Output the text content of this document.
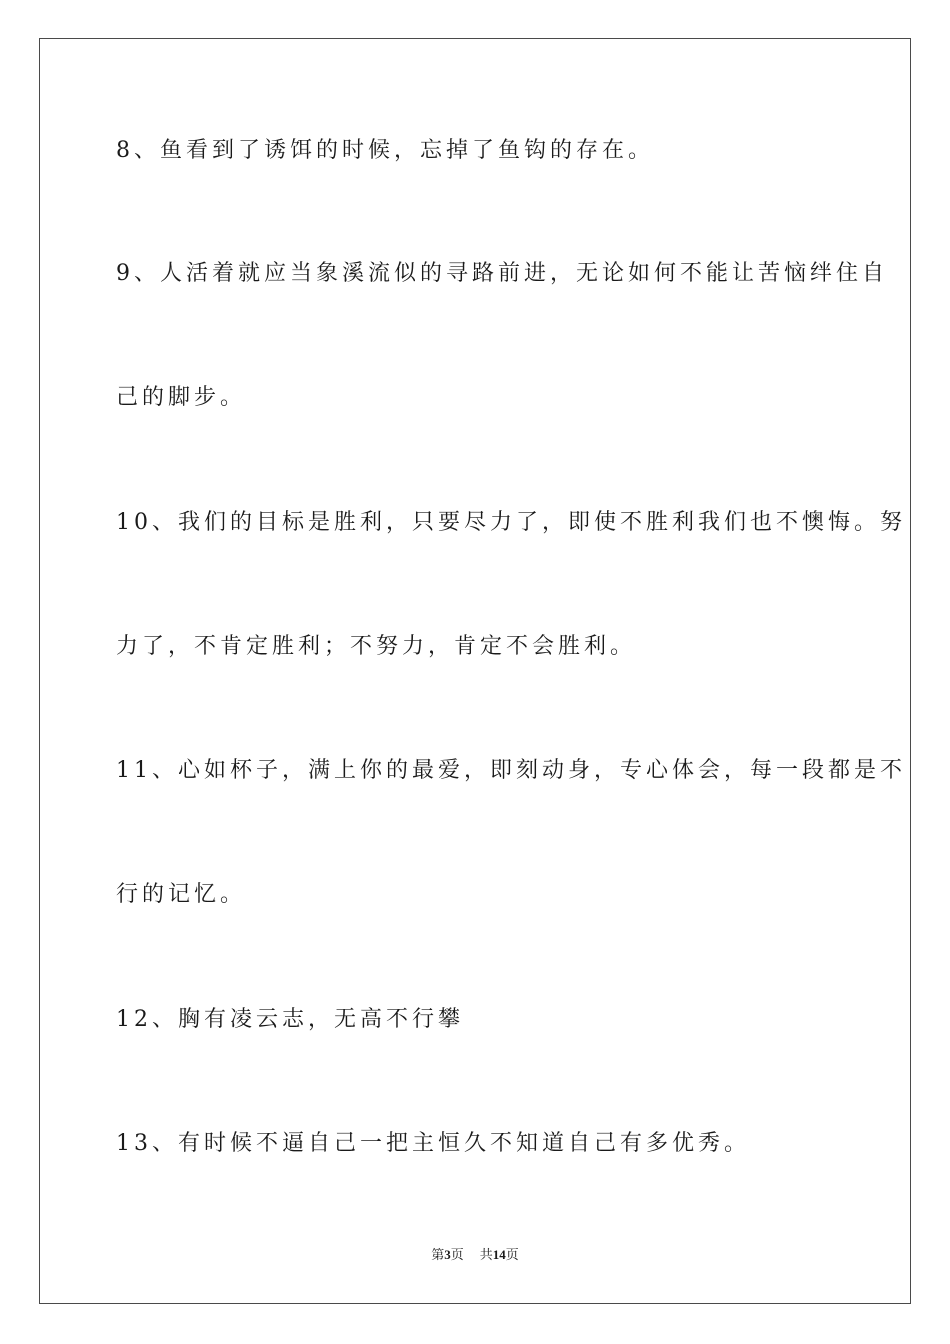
8、鱼看到了诱饵的时候，忘掉了鱼钩的存在。
9、人活着就应当象溪流似的寻路前进，无论如何不能让苦恼绊住自
己的脚步。
10、我们的目标是胜利，只要尽力了，即使不胜利我们也不懊悔。努
力了，不肯定胜利；不努力，肯定不会胜利。
11、心如杯子，满上你的最爱，即刻动身，专心体会，每一段都是不
行的记忆。
12、胸有凌云志，无高不行攀
13、有时候不逼自己一把主恒久不知道自己有多优秀。
第3页 共14页
